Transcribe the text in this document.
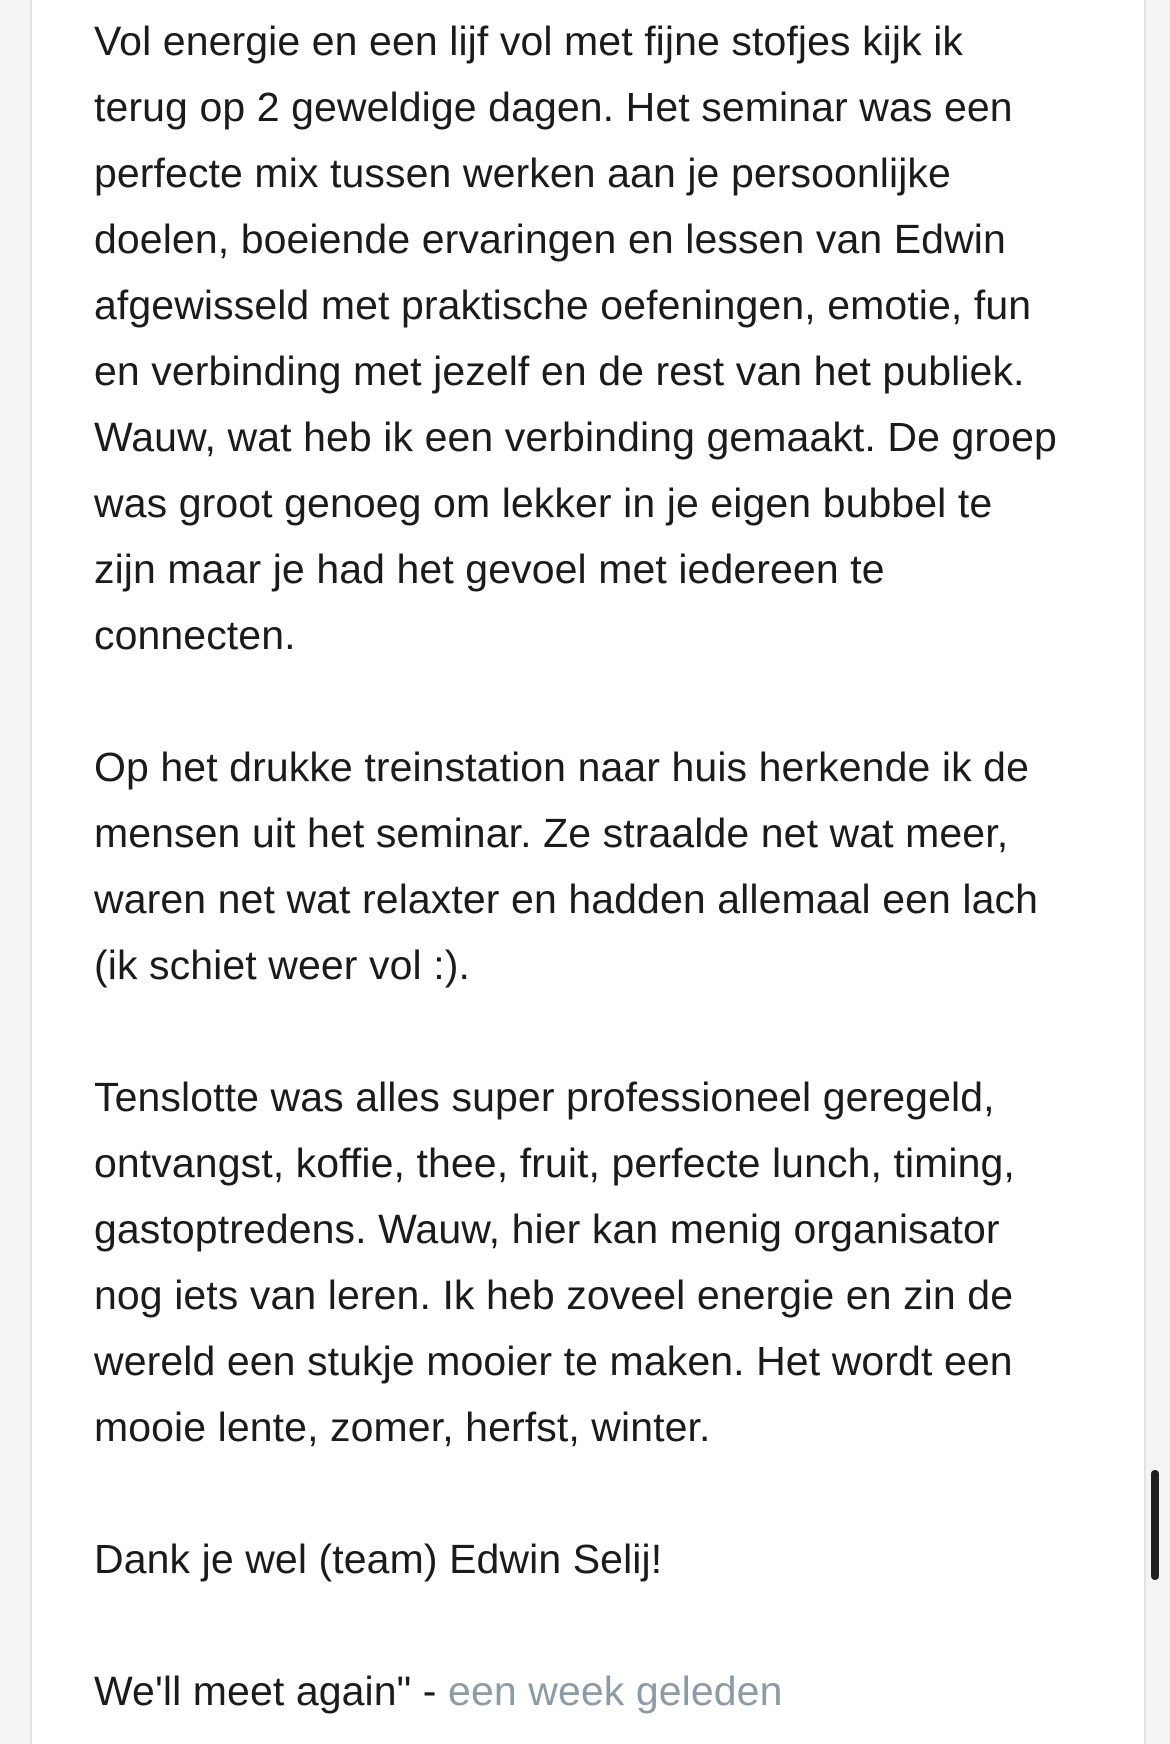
Vol energie en een lijf vol met fijne stofjes kijk ik
terug op 2 geweldige dagen. Het seminar was een
perfecte mix tussen werken aan je persoonlijke
doelen, boeiende ervaringen en lessen van Edwin
afgewisseld met praktische oefeningen, emotie, fun
en verbinding met jezelf en de rest van het publiek.
Wauw, wat heb ik een verbinding gemaakt. De groep
was groot genoeg om lekker in je eigen bubbel te
zijn maar je had het gevoel met iedereen te
connecten.

Op het drukke treinstation naar huis herkende ik de
mensen uit het seminar. Ze straalde net wat meer,
waren net wat relaxter en hadden allemaal een lach
(ik schiet weer vol :).

Tenslotte was alles super professioneel geregeld,
ontvangst, koffie, thee, fruit, perfecte lunch, timing,
gastoptredens. Wauw, hier kan menig organisator
nog iets van leren. Ik heb zoveel energie en zin de
wereld een stukje mooier te maken. Het wordt een
mooie lente, zomer, herfst, winter.

Dank je wel (team) Edwin Selij!

We'll meet again" - een week geleden
